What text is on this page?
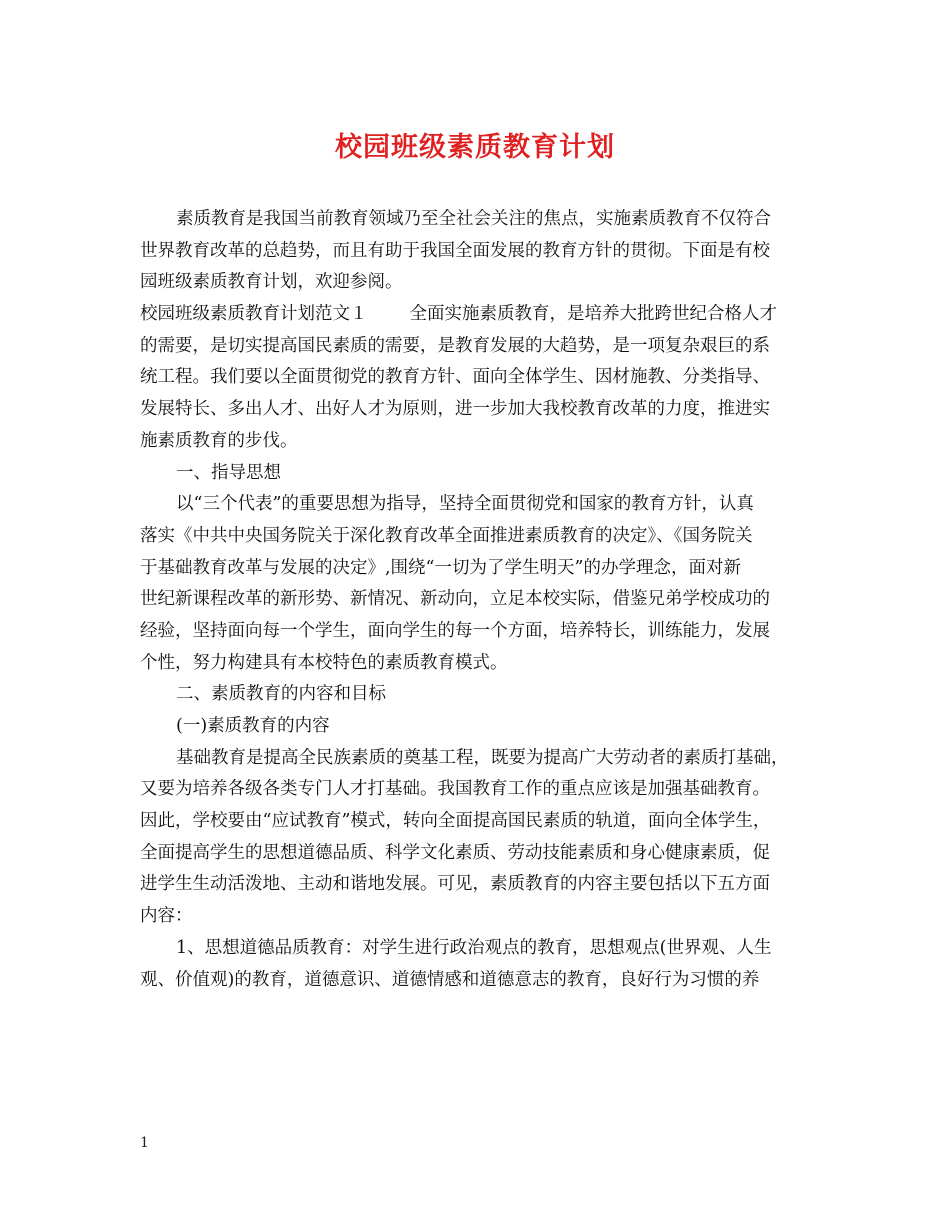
校园班级素质教育计划
素质教育是我国当前教育领域乃至全社会关注的焦点，实施素质教育不仅符合
世界教育改革的总趋势，而且有助于我国全面发展的教育方针的贯彻。下面是有校
园班级素质教育计划，欢迎参阅。
校园班级素质教育计划范文１ 全面实施素质教育，是培养大批跨世纪合格人才
的需要，是切实提高国民素质的需要，是教育发展的大趋势，是一项复杂艰巨的系
统工程。我们要以全面贯彻党的教育方针、面向全体学生、因材施教、分类指导、
发展特长、多出人才、出好人才为原则，进一步加大我校教育改革的力度，推进实
施素质教育的步伐。
一、指导思想
以“三个代表”的重要思想为指导，坚持全面贯彻党和国家的教育方针，认真
落实《中共中央国务院关于深化教育改革全面推进素质教育的决定》、《国务院关
于基础教育改革与发展的决定》,围绕“一切为了学生明天”的办学理念，面对新
世纪新课程改革的新形势、新情况、新动向，立足本校实际，借鉴兄弟学校成功的
经验，坚持面向每一个学生，面向学生的每一个方面，培养特长，训练能力，发展
个性，努力构建具有本校特色的素质教育模式。
二、素质教育的内容和目标
(一)素质教育的内容
基础教育是提高全民族素质的奠基工程，既要为提高广大劳动者的素质打基础，
又要为培养各级各类专门人才打基础。我国教育工作的重点应该是加强基础教育。
因此，学校要由“应试教育”模式，转向全面提高国民素质的轨道，面向全体学生，
全面提高学生的思想道德品质、科学文化素质、劳动技能素质和身心健康素质，促
进学生生动活泼地、主动和谐地发展。可见，素质教育的内容主要包括以下五方面
内容：
1、思想道德品质教育：对学生进行政治观点的教育，思想观点(世界观、人生
观、价值观)的教育，道德意识、道德情感和道德意志的教育，良好行为习惯的养
1
